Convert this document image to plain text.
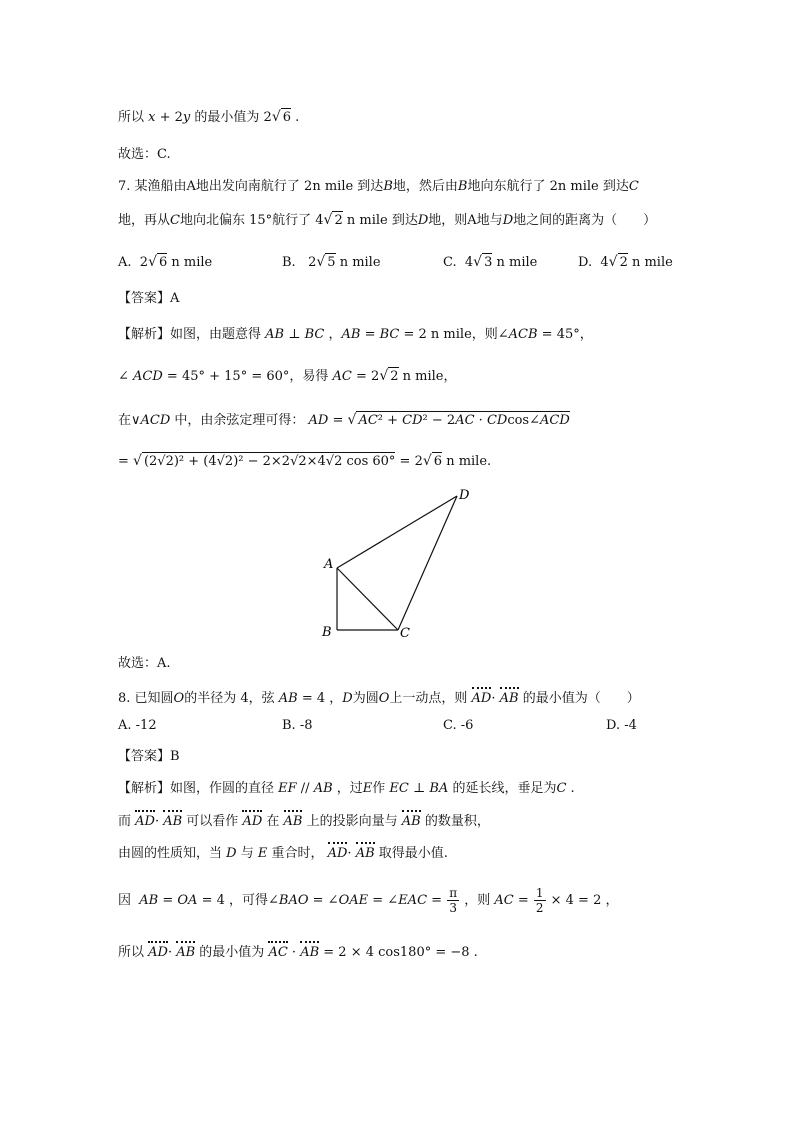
所以 x + 2y 的最小值为 2√ 6 .
故选：C.
7. 某渔船由A地出发向南航行了 2n mile 到达B地，然后由B地向东航行了 2n mile 到达C
地，再从C地向北偏东 15°航行了 4√ 2 n mile 到达D地，则A地与D地之间的距离为（　　）
A.  2√ 6 n mile	B.   2√ 5 n mile	C.  4√ 3 n mile	D.  4√ 2 n mile
【答案】A
【解析】如图，由题意得 AB ⊥ BC ，AB = BC = 2 n mile，则∠ACB = 45°，
∠ ACD = 45° + 15° = 60°，易得 AC = 2√ 2 n mile，
在∨ACD 中，由余弦定理可得： AD = √ AC² + CD² − 2AC · CDcos∠ACD
= √ (2√2)² + (4√2)² − 2×2√2×4√2 cos 60° = 2√ 6 n mile.
A
B	C
D
故选：A.
8. 已知圆O的半径为 4，弦 AB = 4 ，D为圆O上一动点，则 AD· AB 的最小值为（　　）
A. -12	B. -8	C. -6	D. -4
【答案】B
【解析】如图，作圆的直径 EF // AB ，过E作 EC ⊥ BA 的延长线，垂足为C .
而 AD· AB 可以看作 AD 在 AB 上的投影向量与 AB 的数量积，
由圆的性质知，当 D 与 E 重合时， AD· AB 取得最小值.
因  AB = OA = 4 ，可得∠BAO = ∠OAE = ∠EAC = $\frac{\pi}{3}$ ，则 AC = $\frac{1}{2} \times 4 = 2$ ，
所以 AD· AB 的最小值为 AC · AB = 2 × 4 cos180° = −8 .
